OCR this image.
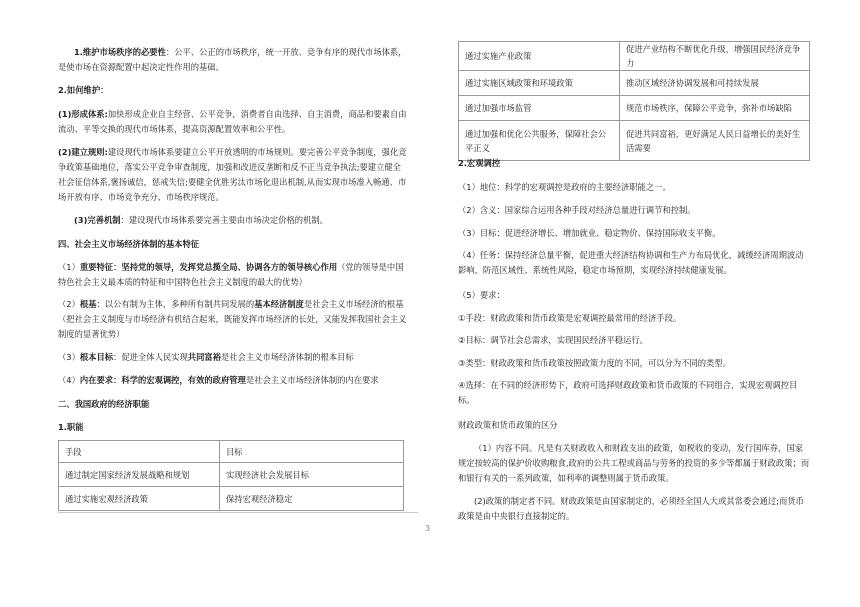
1.维护市场秩序的必要性：公平、公正的市场秩序，统一开放、竞争有序的现代市场体系，是使市场在资源配置中起决定性作用的基础。

2.如何维护：

(1)形成体系:加快形成企业自主经营、公平竞争，消费者自由选择、自主消费，商品和要素自由流动、平等交换的现代市场体系，提高资源配置效率和公平性。

(2)建立规则:建设现代市场体系要建立公平开放透明的市场规则。要完善公平竞争制度，强化竞争政策基础地位，落实公平竞争审查制度，加强和改进反垄断和反不正当竞争执法;要建立健全社会征信体系,褒扬诚信，惩戒失信;要健全优胜劣汰市场化退出机制,从而实现市场准入畅通、市场开放有序、市场竞争充分、市场秩序规范。

(3)完善机制：建设现代市场体系要完善主要由市场决定价格的机制。

四、社会主义市场经济体制的基本特征

（1）重要特征：坚持党的领导，发挥党总揽全局、协调各方的领导核心作用（党的领导是中国特色社会主义最本质的特征和中国特色社会主义制度的最大的优势）

（2）根基：以公有制为主体，多种所有制共同发展的基本经济制度是社会主义市场经济的根基（把社会主义制度与市场经济有机结合起来，既能发挥市场经济的长处，又能发挥我国社会主义制度的显著优势）

（3）根本目标：促进全体人民实现共同富裕是社会主义市场经济体制的根本目标

（4）内在要求：科学的宏观调控，有效的政府管理是社会主义市场经济体制的内在要求

二、我国政府的经济职能

1.职能

手段	目标
通过制定国家经济发展战略和规划	实现经济社会发展目标
通过实施宏观经济政策	保持宏观经济稳定
3
通过实施产业政策	促进产业结构不断优化升级，增强国民经济竞争力
通过实施区域政策和环境政策	推动区域经济协调发展和可持续发展
通过加强市场监管	规范市场秩序，保障公平竞争，弥补市场缺陷
通过加强和优化公共服务，保障社会公平正义	促进共同富裕，更好满足人民日益增长的美好生活需要

2.宏观调控

（1）地位：科学的宏观调控是政府的主要经济职能之一。

（2）含义：国家综合运用各种手段对经济总量进行调节和控制。

（3）目标：促进经济增长、增加就业、稳定物价、保持国际收支平衡。

（4）任务：保持经济总量平衡，促进重大经济结构协调和生产力布局优化，减缓经济周期波动影响，防范区域性、系统性风险，稳定市场预期，实现经济持续健康发展。

（5）要求：

①手段：财政政策和货币政策是宏观调控最常用的经济手段。

②目标：调节社会总需求，实现国民经济平稳运行。

③类型：财政政策和货币政策按照政策力度的不同，可以分为不同的类型。

④选择：在不同的经济形势下，政府可选择财政政策和货币政策的不同组合，实现宏观调控目标。

财政政策和货币政策的区分

（1）内容不同。凡是有关财政收入和财政支出的政策，如税收的变动，发行国库券，国家规定按较高的保护价收购粮食,政府的公共工程或商品与劳务的投资的多少等都属于财政政策；而和银行有关的一系列政策，如利率的调整则属于货币政策。

(2)政策的制定者不同。财政政策是由国家制定的，必须经全国人大或其常委会通过;而货币政策是由中央银行直接制定的。
